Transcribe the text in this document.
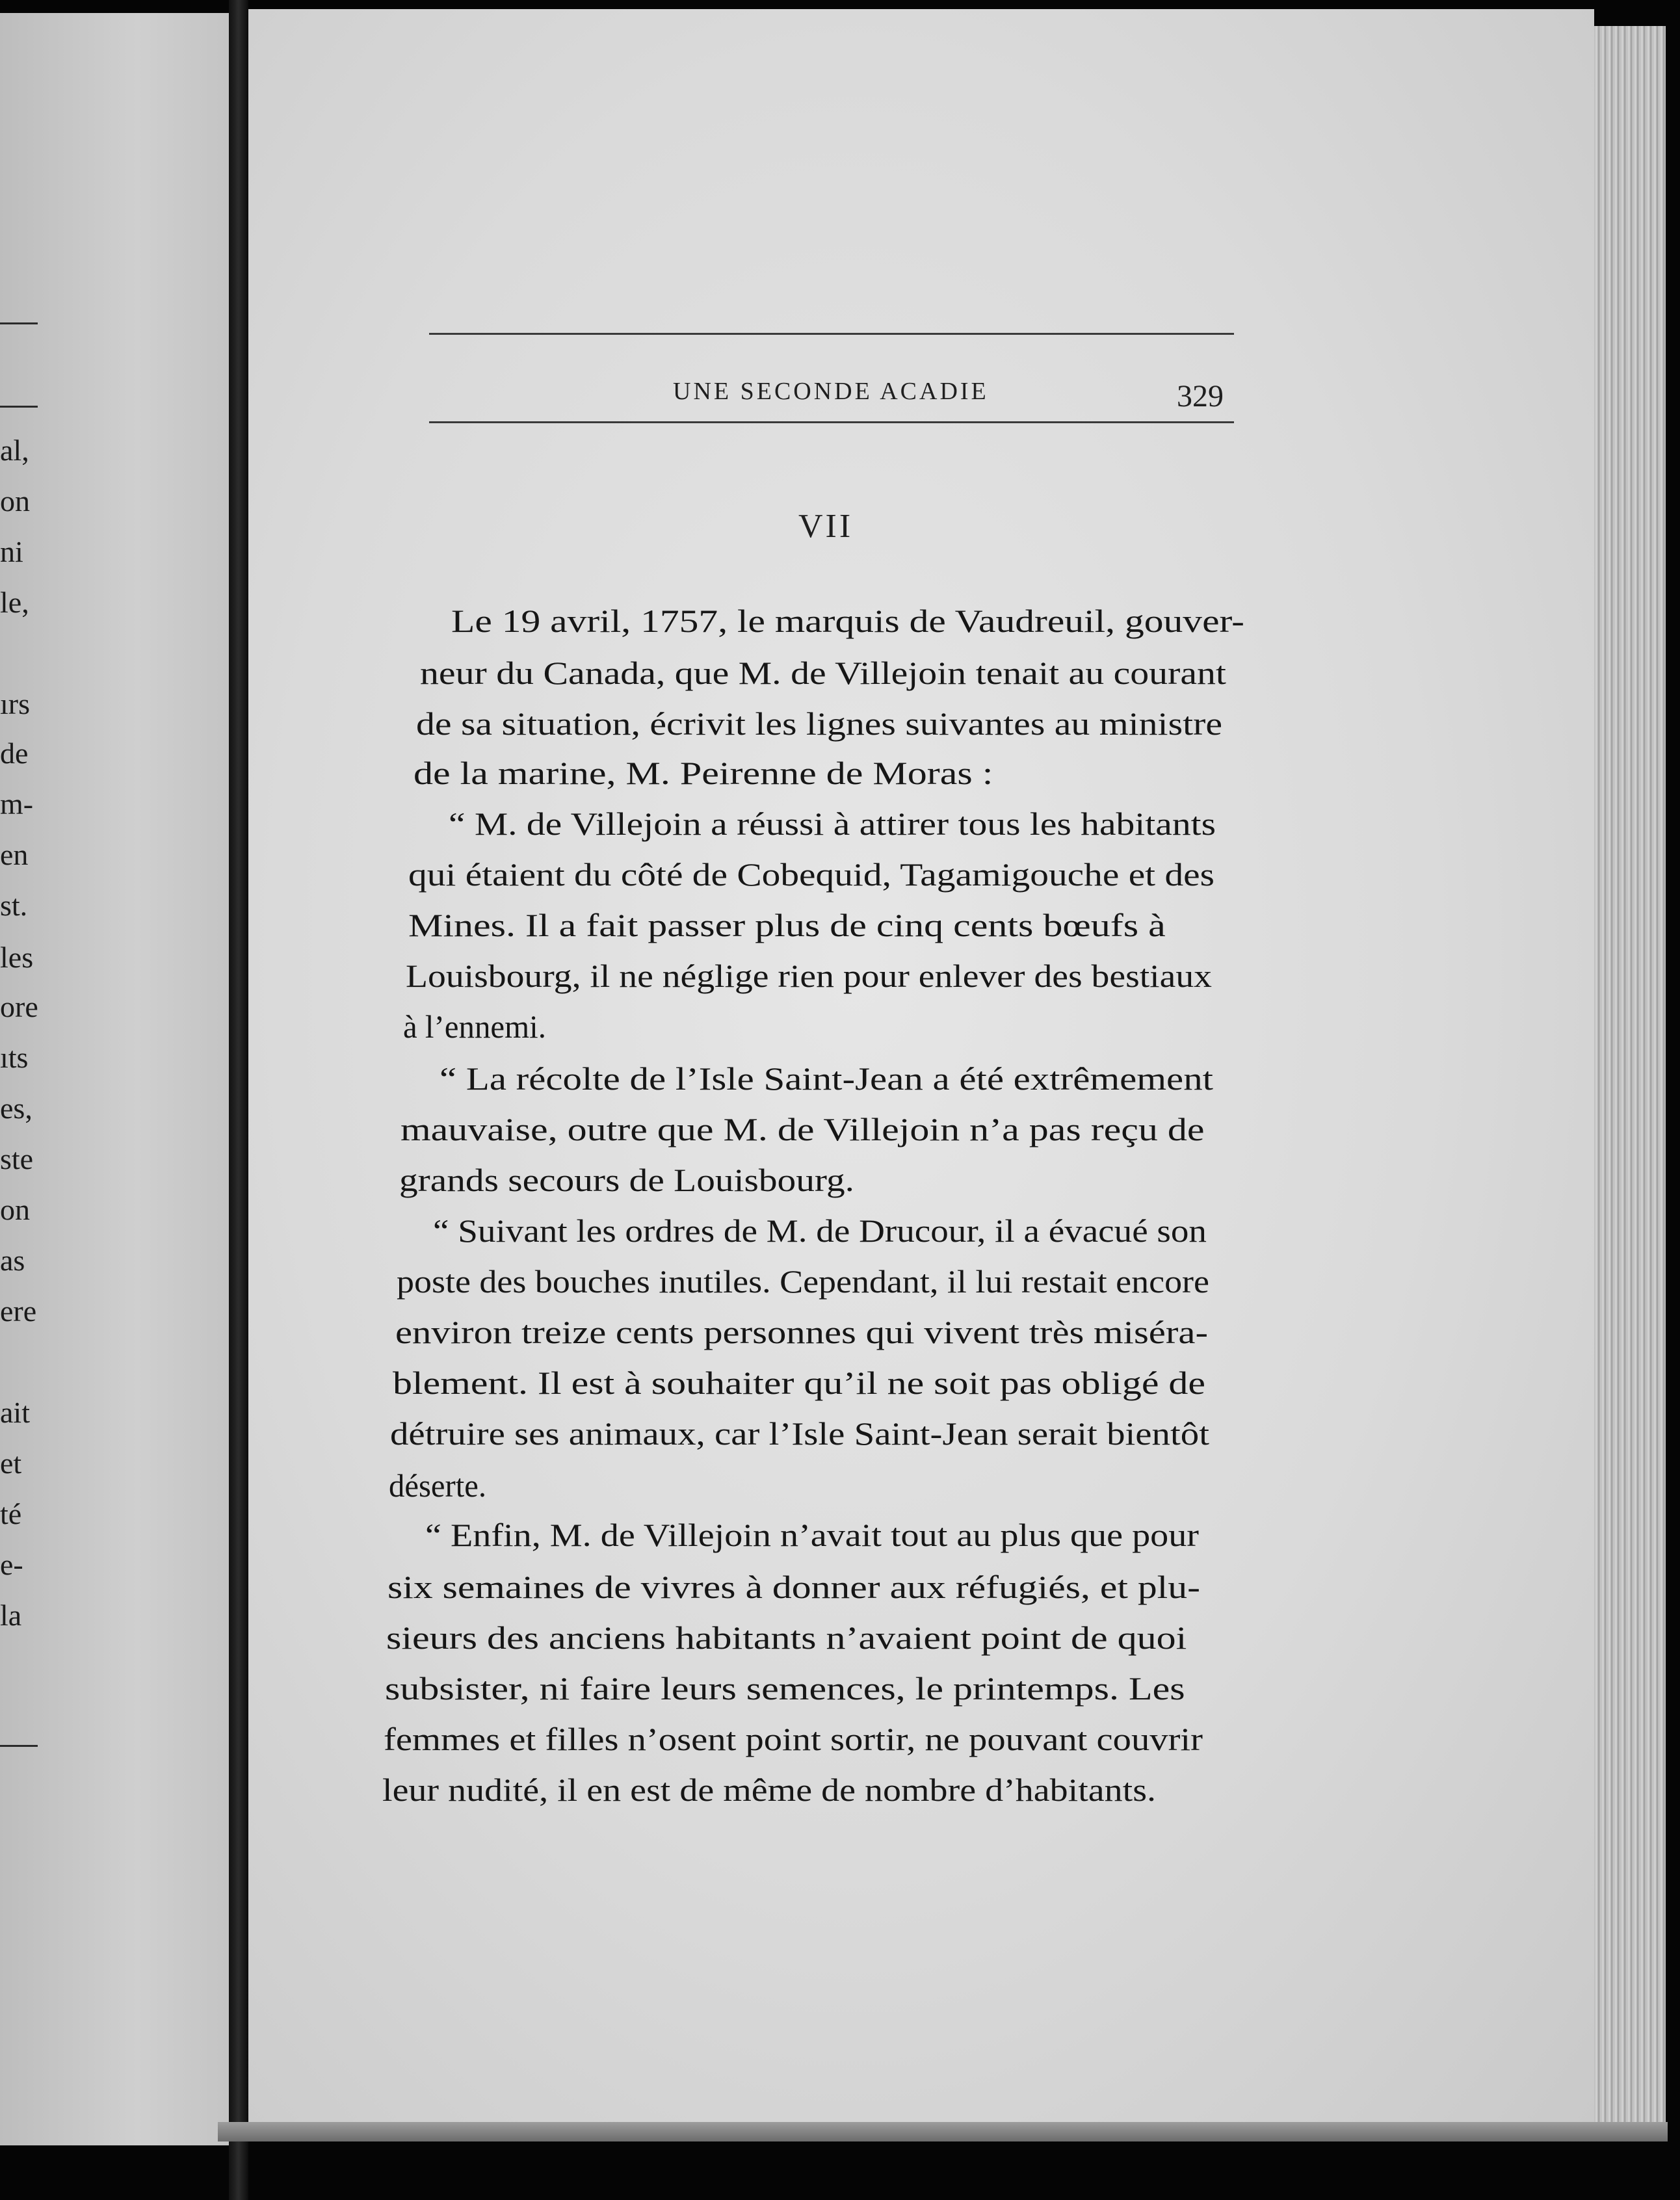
al,
on
ni
le,
ırs
de
m-
en
st.
les
ore
ıts
es,
ste
on
as
ere
ait
et
té
e-
la
UNE SECONDE ACADIE	329
VII
Le 19 avril, 1757, le marquis de Vaudreuil, gouver-
neur du Canada, que M. de Villejoin tenait au courant
de sa situation, écrivit les lignes suivantes au ministre
de la marine, M. Peirenne de Moras :
“ M. de Villejoin a réussi à attirer tous les habitants
qui étaient du côté de Cobequid, Tagamigouche et des
Mines. Il a fait passer plus de cinq cents bœufs à
Louisbourg, il ne néglige rien pour enlever des bestiaux
à l’ennemi.
“ La récolte de l’Isle Saint-Jean a été extrêmement
mauvaise, outre que M. de Villejoin n’a pas reçu de
grands secours de Louisbourg.
“ Suivant les ordres de M. de Drucour, il a évacué son
poste des bouches inutiles. Cependant, il lui restait encore
environ treize cents personnes qui vivent très miséra-
blement. Il est à souhaiter qu’il ne soit pas obligé de
détruire ses animaux, car l’Isle Saint-Jean serait bientôt
déserte.
“ Enfin, M. de Villejoin n’avait tout au plus que pour
six semaines de vivres à donner aux réfugiés, et plu-
sieurs des anciens habitants n’avaient point de quoi
subsister, ni faire leurs semences, le printemps. Les
femmes et filles n’osent point sortir, ne pouvant couvrir
leur nudité, il en est de même de nombre d’habitants.
